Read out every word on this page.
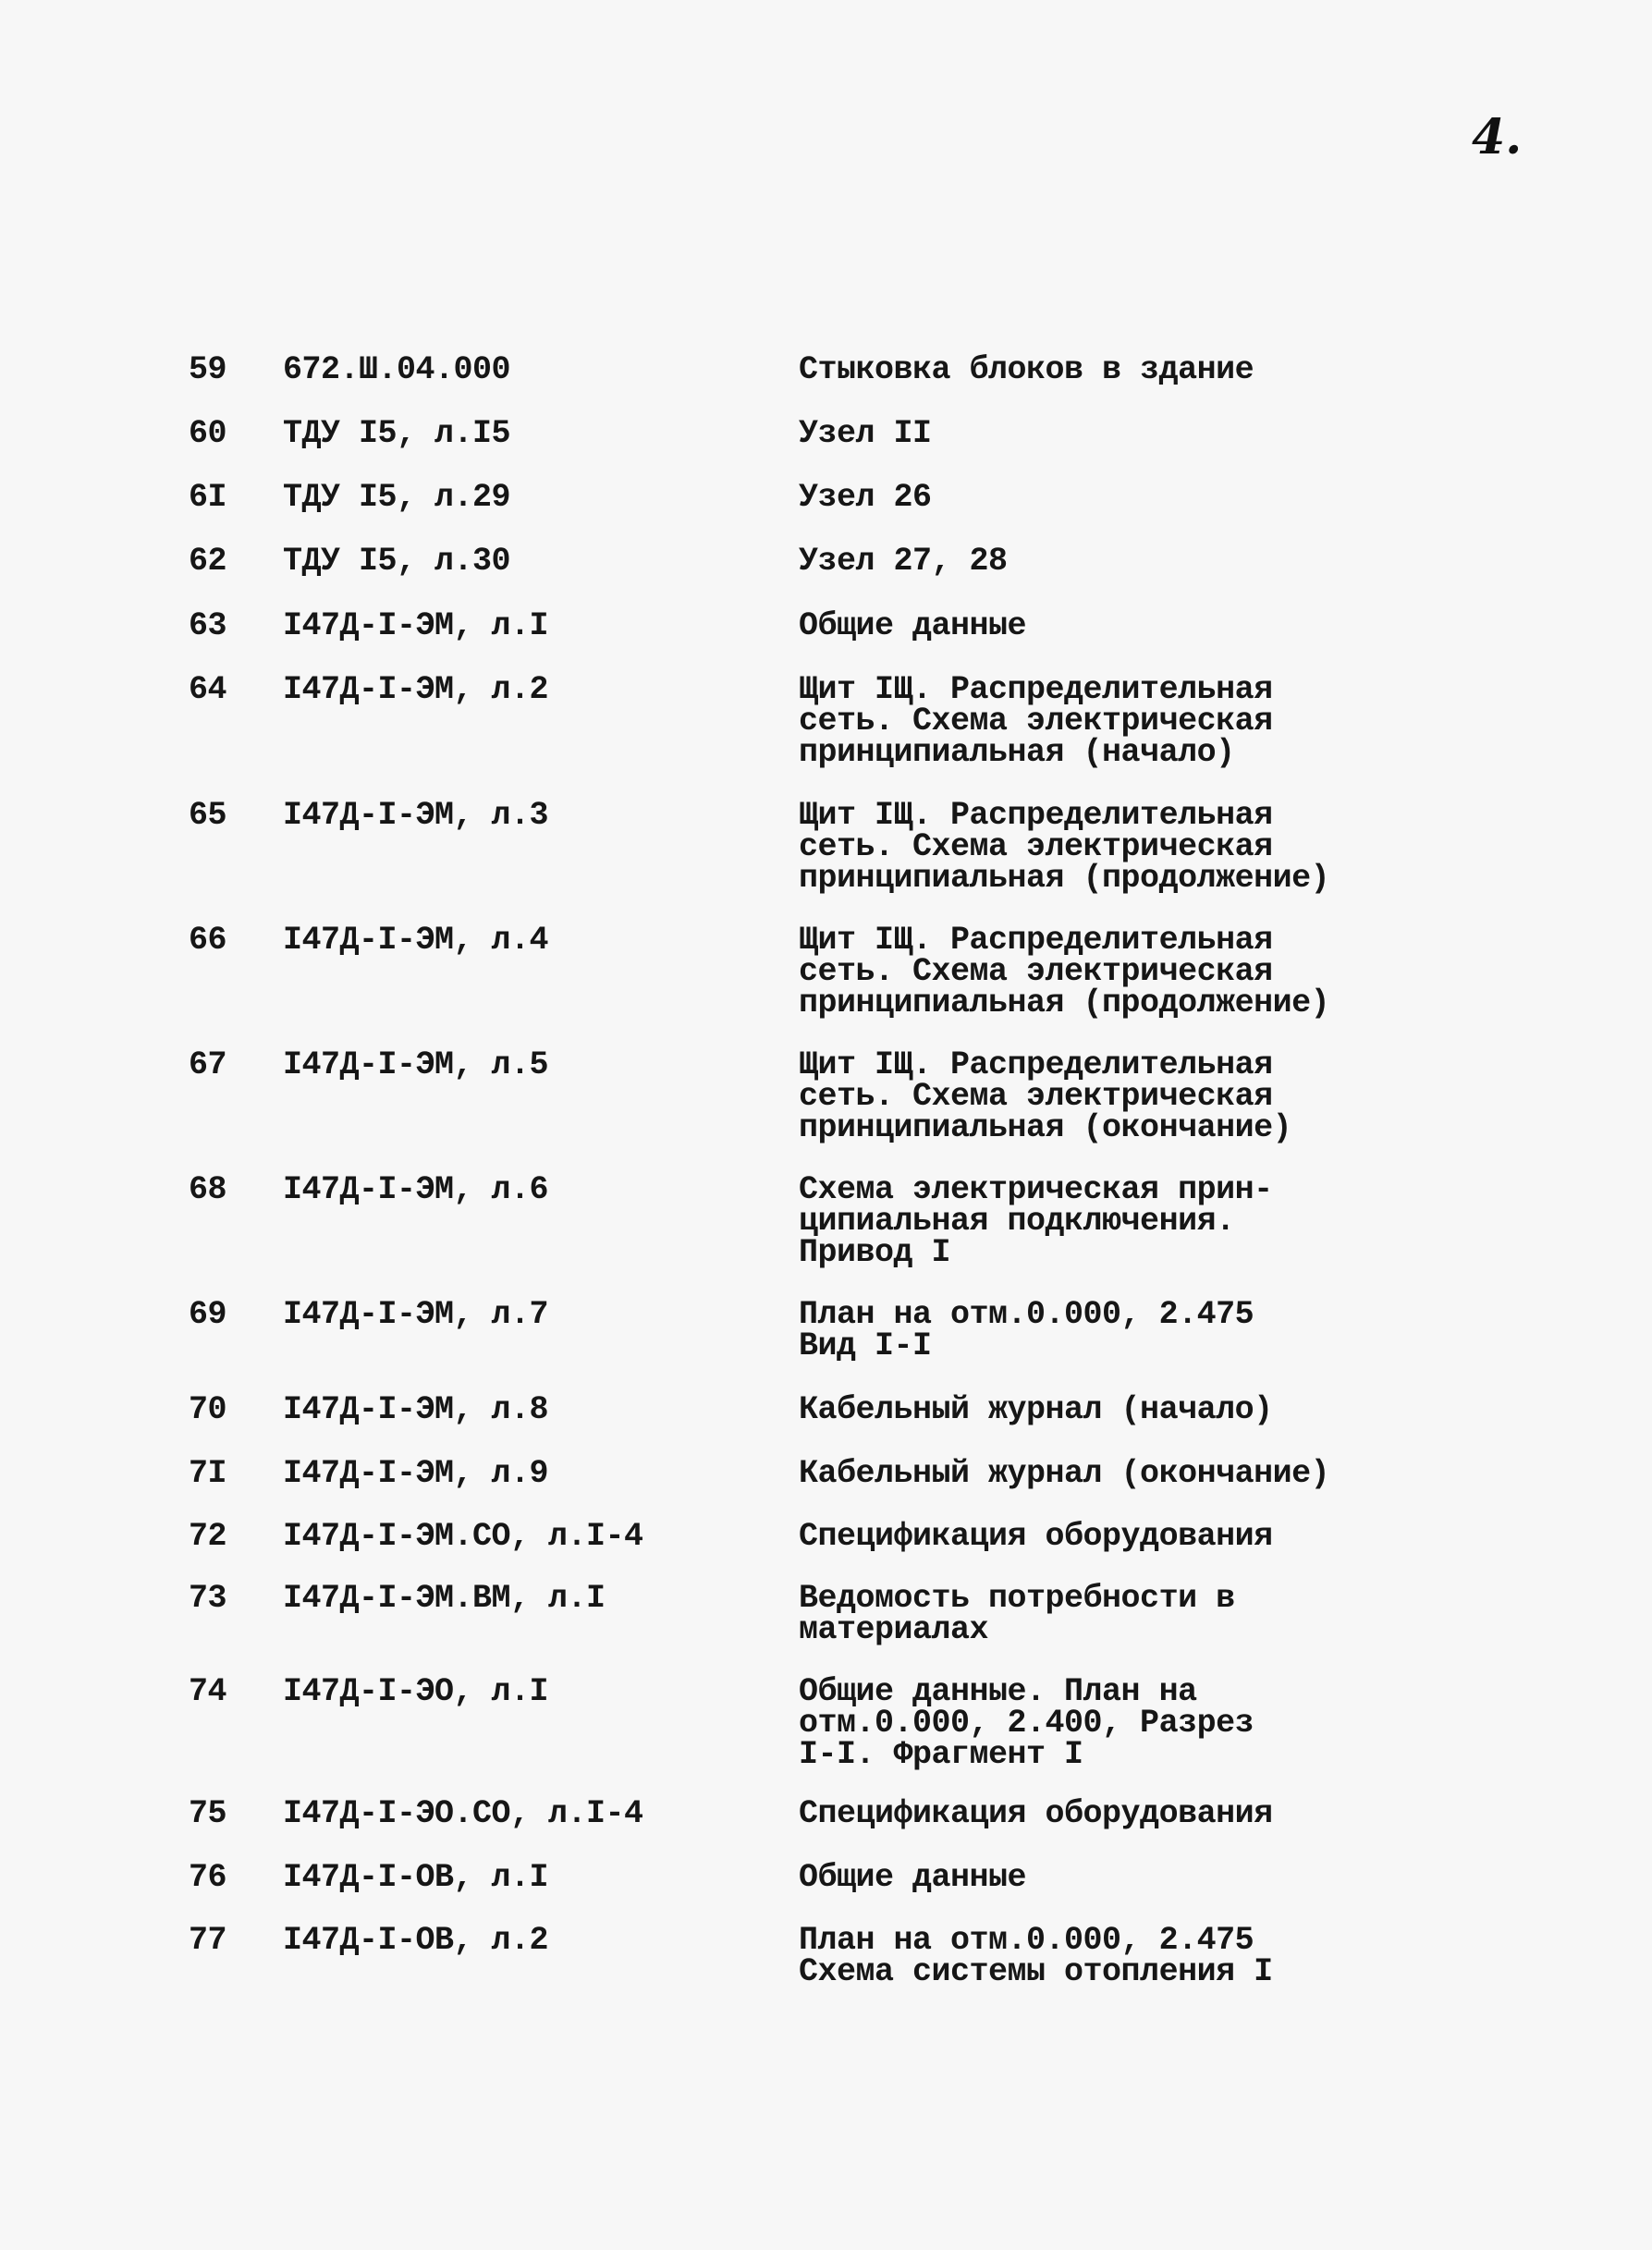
4.
59 672.Ш.04.000	Стыковка блоков в здание
60 ТДУ I5, л.I5	Узел II
6I ТДУ I5, л.29	Узел 26
62 ТДУ I5, л.30	Узел 27, 28
63 I47Д-I-ЭМ, л.I	Общие данные
64 I47Д-I-ЭМ, л.2	Щит IЩ. Распределительная
сеть. Схема электрическая
принципиальная (начало)
65 I47Д-I-ЭМ, л.3	Щит IЩ. Распределительная
сеть. Схема электрическая
принципиальная (продолжение)
66 I47Д-I-ЭМ, л.4	Щит IЩ. Распределительная
сеть. Схема электрическая
принципиальная (продолжение)
67 I47Д-I-ЭМ, л.5	Щит IЩ. Распределительная
сеть. Схема электрическая
принципиальная (окончание)
68 I47Д-I-ЭМ, л.6	Схема электрическая прин-
ципиальная подключения.
Привод I
69 I47Д-I-ЭМ, л.7	План на отм.0.000, 2.475
Вид I-I
70 I47Д-I-ЭМ, л.8	Кабельный журнал (начало)
7I I47Д-I-ЭМ, л.9	Кабельный журнал (окончание)
72 I47Д-I-ЭМ.СО, л.I-4	Спецификация оборудования
73 I47Д-I-ЭМ.ВМ, л.I	Ведомость потребности в
материалах
74 I47Д-I-ЭО, л.I	Общие данные. План на
отм.0.000, 2.400, Разрез
I-I. Фрагмент I
75 I47Д-I-ЭО.СО, л.I-4	Спецификация оборудования
76 I47Д-I-ОВ, л.I	Общие данные
77 I47Д-I-ОВ, л.2	План на отм.0.000, 2.475
Схема системы отопления I
